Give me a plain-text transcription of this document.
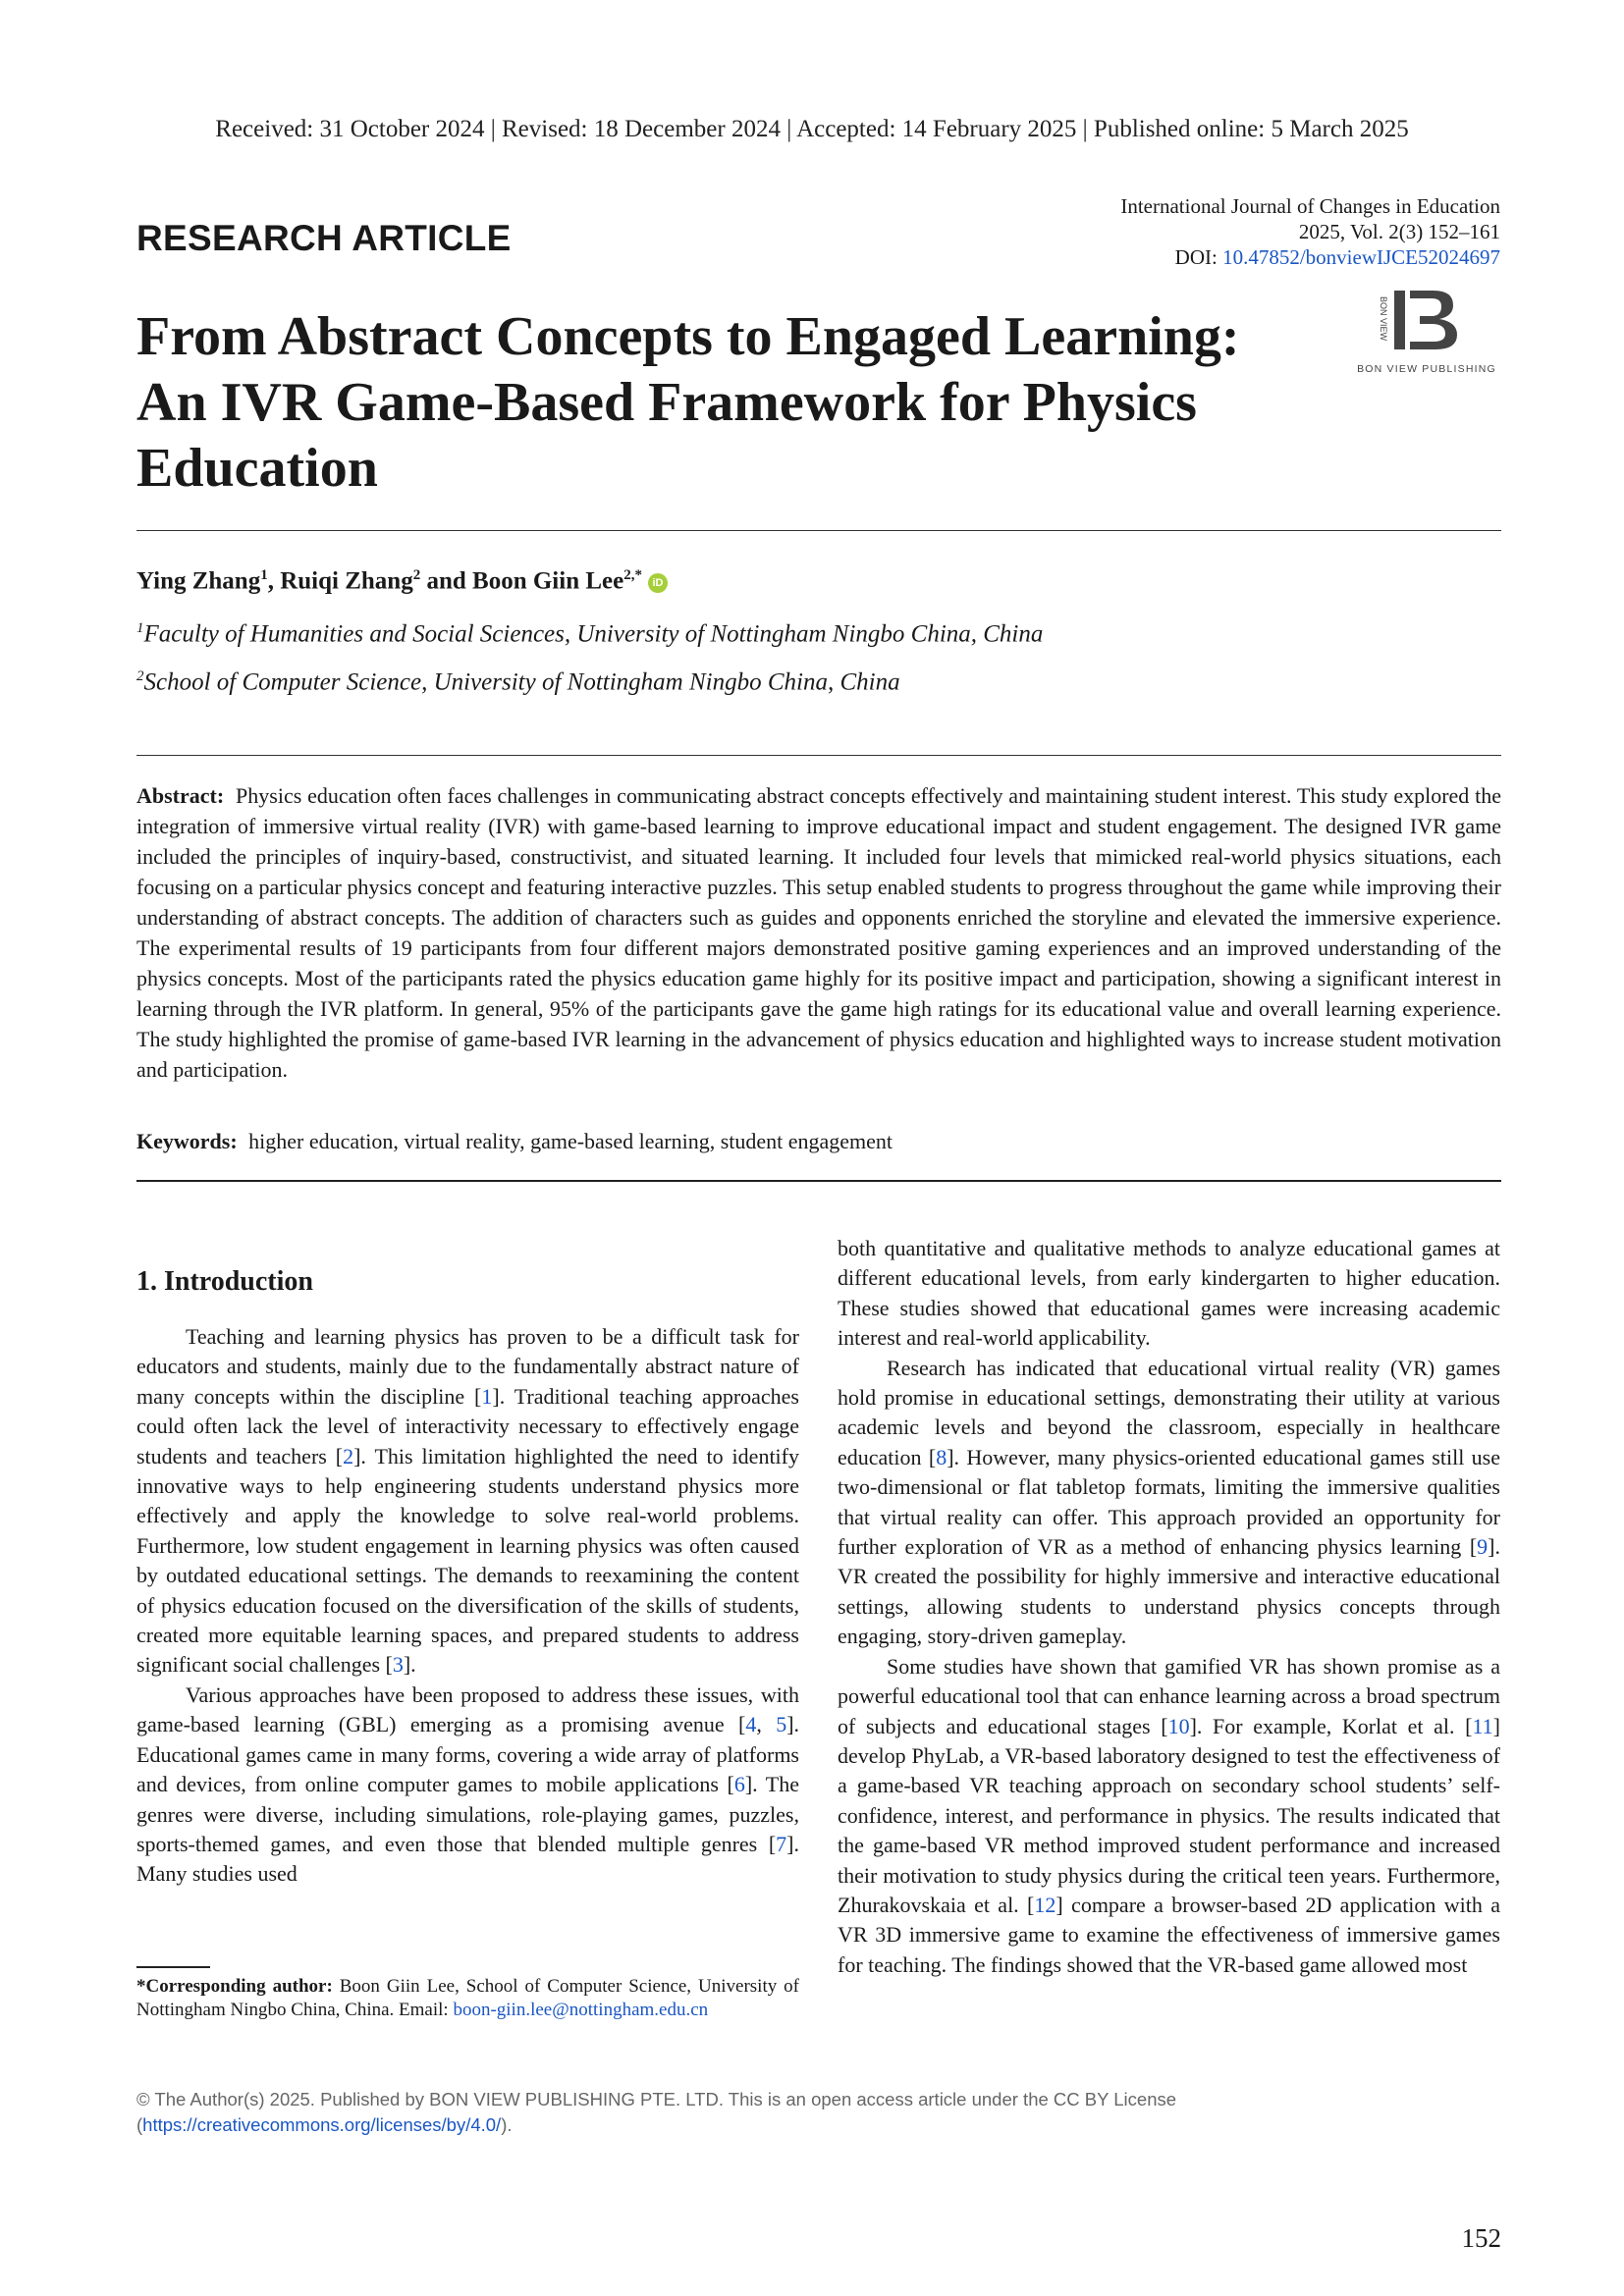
Received: 31 October 2024 | Revised: 18 December 2024 | Accepted: 14 February 2025 | Published online: 5 March 2025
RESEARCH ARTICLE
International Journal of Changes in Education
2025, Vol. 2(3) 152–161
DOI: 10.47852/bonviewIJCE52024697
BON VIEW
BON VIEW PUBLISHING
From Abstract Concepts to Engaged Learning: An IVR Game-Based Framework for Physics Education
Ying Zhang$^1$, Ruiqi Zhang$^2$ and Boon Giin Lee$^{2,*}$iD
$^1$Faculty of Humanities and Social Sciences, University of Nottingham Ningbo China, China
$^2$School of Computer Science, University of Nottingham Ningbo China, China

Abstract: Physics education often faces challenges in communicating abstract concepts effectively and maintaining student interest. This study explored the integration of immersive virtual reality (IVR) with game-based learning to improve educational impact and student engagement. The designed IVR game included the principles of inquiry-based, constructivist, and situated learning. It included four levels that mimicked real-world physics situations, each focusing on a particular physics concept and featuring interactive puzzles. This setup enabled students to progress throughout the game while improving their understanding of abstract concepts. The addition of characters such as guides and opponents enriched the storyline and elevated the immersive experience. The experimental results of 19 participants from four different majors demonstrated positive gaming experiences and an improved understanding of the physics concepts. Most of the participants rated the physics education game highly for its positive impact and participation, showing a significant interest in learning through the IVR platform. In general, 95% of the participants gave the game high ratings for its educational value and overall learning experience. The study highlighted the promise of game-based IVR learning in the advancement of physics education and highlighted ways to increase student motivation and participation.

Keywords: higher education, virtual reality, game-based learning, student engagement
1. Introduction

Teaching and learning physics has proven to be a difficult task for educators and students, mainly due to the fundamentally abstract nature of many concepts within the discipline [1]. Traditional teaching approaches could often lack the level of interactivity necessary to effectively engage students and teachers [2]. This limitation highlighted the need to identify innovative ways to help engineering students understand physics more effectively and apply the knowledge to solve real-world problems. Furthermore, low student engagement in learning physics was often caused by outdated educational settings. The demands to reexamining the content of physics education focused on the diversification of the skills of students, created more equitable learning spaces, and prepared students to address significant social challenges [3].

Various approaches have been proposed to address these issues, with game-based learning (GBL) emerging as a promising avenue [4, 5]. Educational games came in many forms, covering a wide array of platforms and devices, from online computer games to mobile applications [6]. The genres were diverse, including simulations, role-playing games, puzzles, sports-themed games, and even those that blended multiple genres [7]. Many studies used

both quantitative and qualitative methods to analyze educational games at different educational levels, from early kindergarten to higher education. These studies showed that educational games were increasing academic interest and real-world applicability.

Research has indicated that educational virtual reality (VR) games hold promise in educational settings, demonstrating their utility at various academic levels and beyond the classroom, especially in healthcare education [8]. However, many physics-oriented educational games still use two-dimensional or flat tabletop formats, limiting the immersive qualities that virtual reality can offer. This approach provided an opportunity for further exploration of VR as a method of enhancing physics learning [9]. VR created the possibility for highly immersive and interactive educational settings, allowing students to understand physics concepts through engaging, story-driven gameplay.

Some studies have shown that gamified VR has shown promise as a powerful educational tool that can enhance learning across a broad spectrum of subjects and educational stages [10]. For example, Korlat et al. [11] develop PhyLab, a VR-based laboratory designed to test the effectiveness of a game-based VR teaching approach on secondary school students’ self-confidence, interest, and performance in physics. The results indicated that the game-based VR method improved student performance and increased their motivation to study physics during the critical teen years. Furthermore, Zhurakovskaia et al. [12] compare a browser-based 2D application with a VR 3D immersive game to examine the effectiveness of immersive games for teaching. The findings showed that the VR-based game allowed most

*Corresponding author: Boon Giin Lee, School of Computer Science, University of Nottingham Ningbo China, China. Email: boon-giin.lee@nottingham.edu.cn
© The Author(s) 2025. Published by BON VIEW PUBLISHING PTE. LTD. This is an open access article under the CC BY License (https://creativecommons.org/licenses/by/4.0/).
152
